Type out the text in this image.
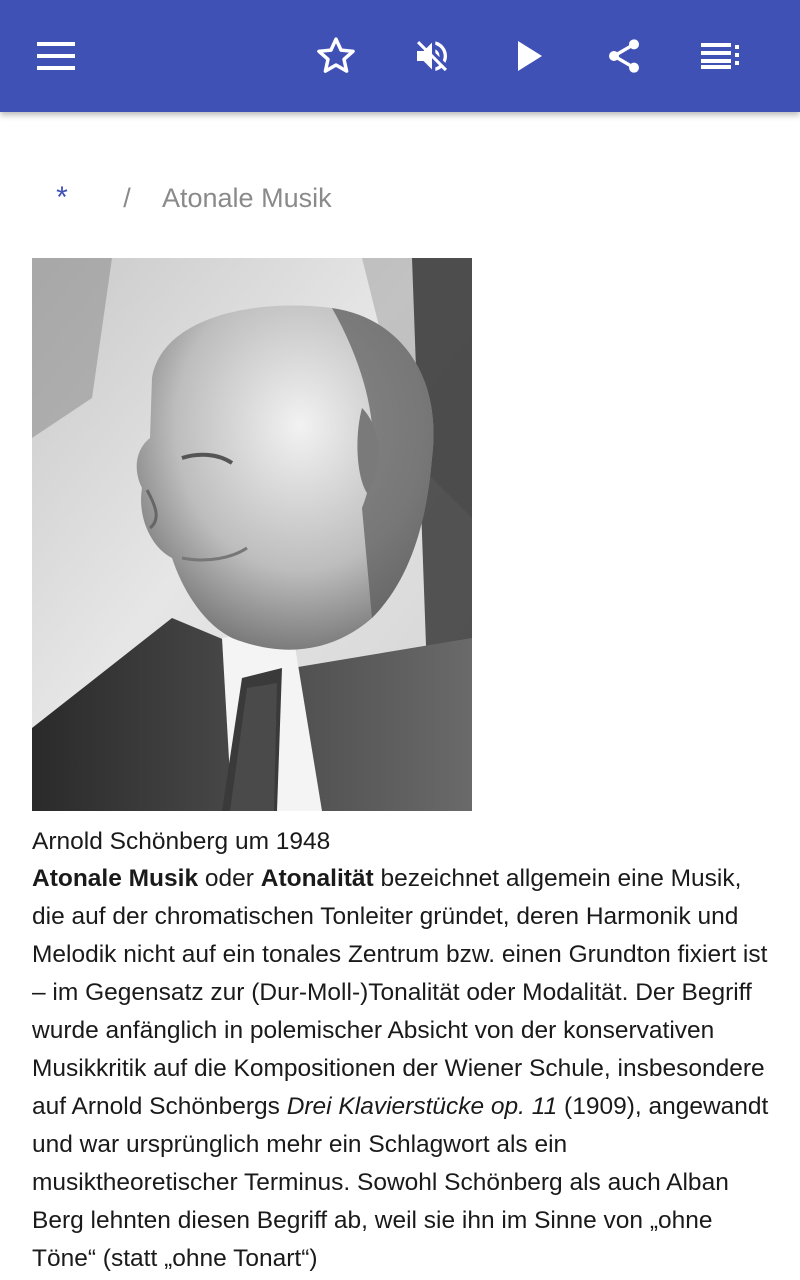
*	/	Atonale Musik
Arnold Schönberg um 1948
Atonale Musik oder Atonalität bezeichnet allgemein eine Musik, die auf der chromatischen Tonleiter gründet, deren Harmonik und Melodik nicht auf ein tonales Zentrum bzw. einen Grundton fixiert ist – im Gegensatz zur (Dur-Moll-)Tonalität oder Modalität. Der Begriff wurde anfänglich in polemischer Absicht von der konservativen Musikkritik auf die Kompositionen der Wiener Schule, insbesondere auf Arnold Schönbergs Drei Klavierstücke op. 11 (1909), angewandt und war ursprünglich mehr ein Schlagwort als ein musiktheoretischer Terminus. Sowohl Schönberg als auch Alban Berg lehnten diesen Begriff ab, weil sie ihn im Sinne von „ohne Töne“ (statt „ohne Tonart“)
